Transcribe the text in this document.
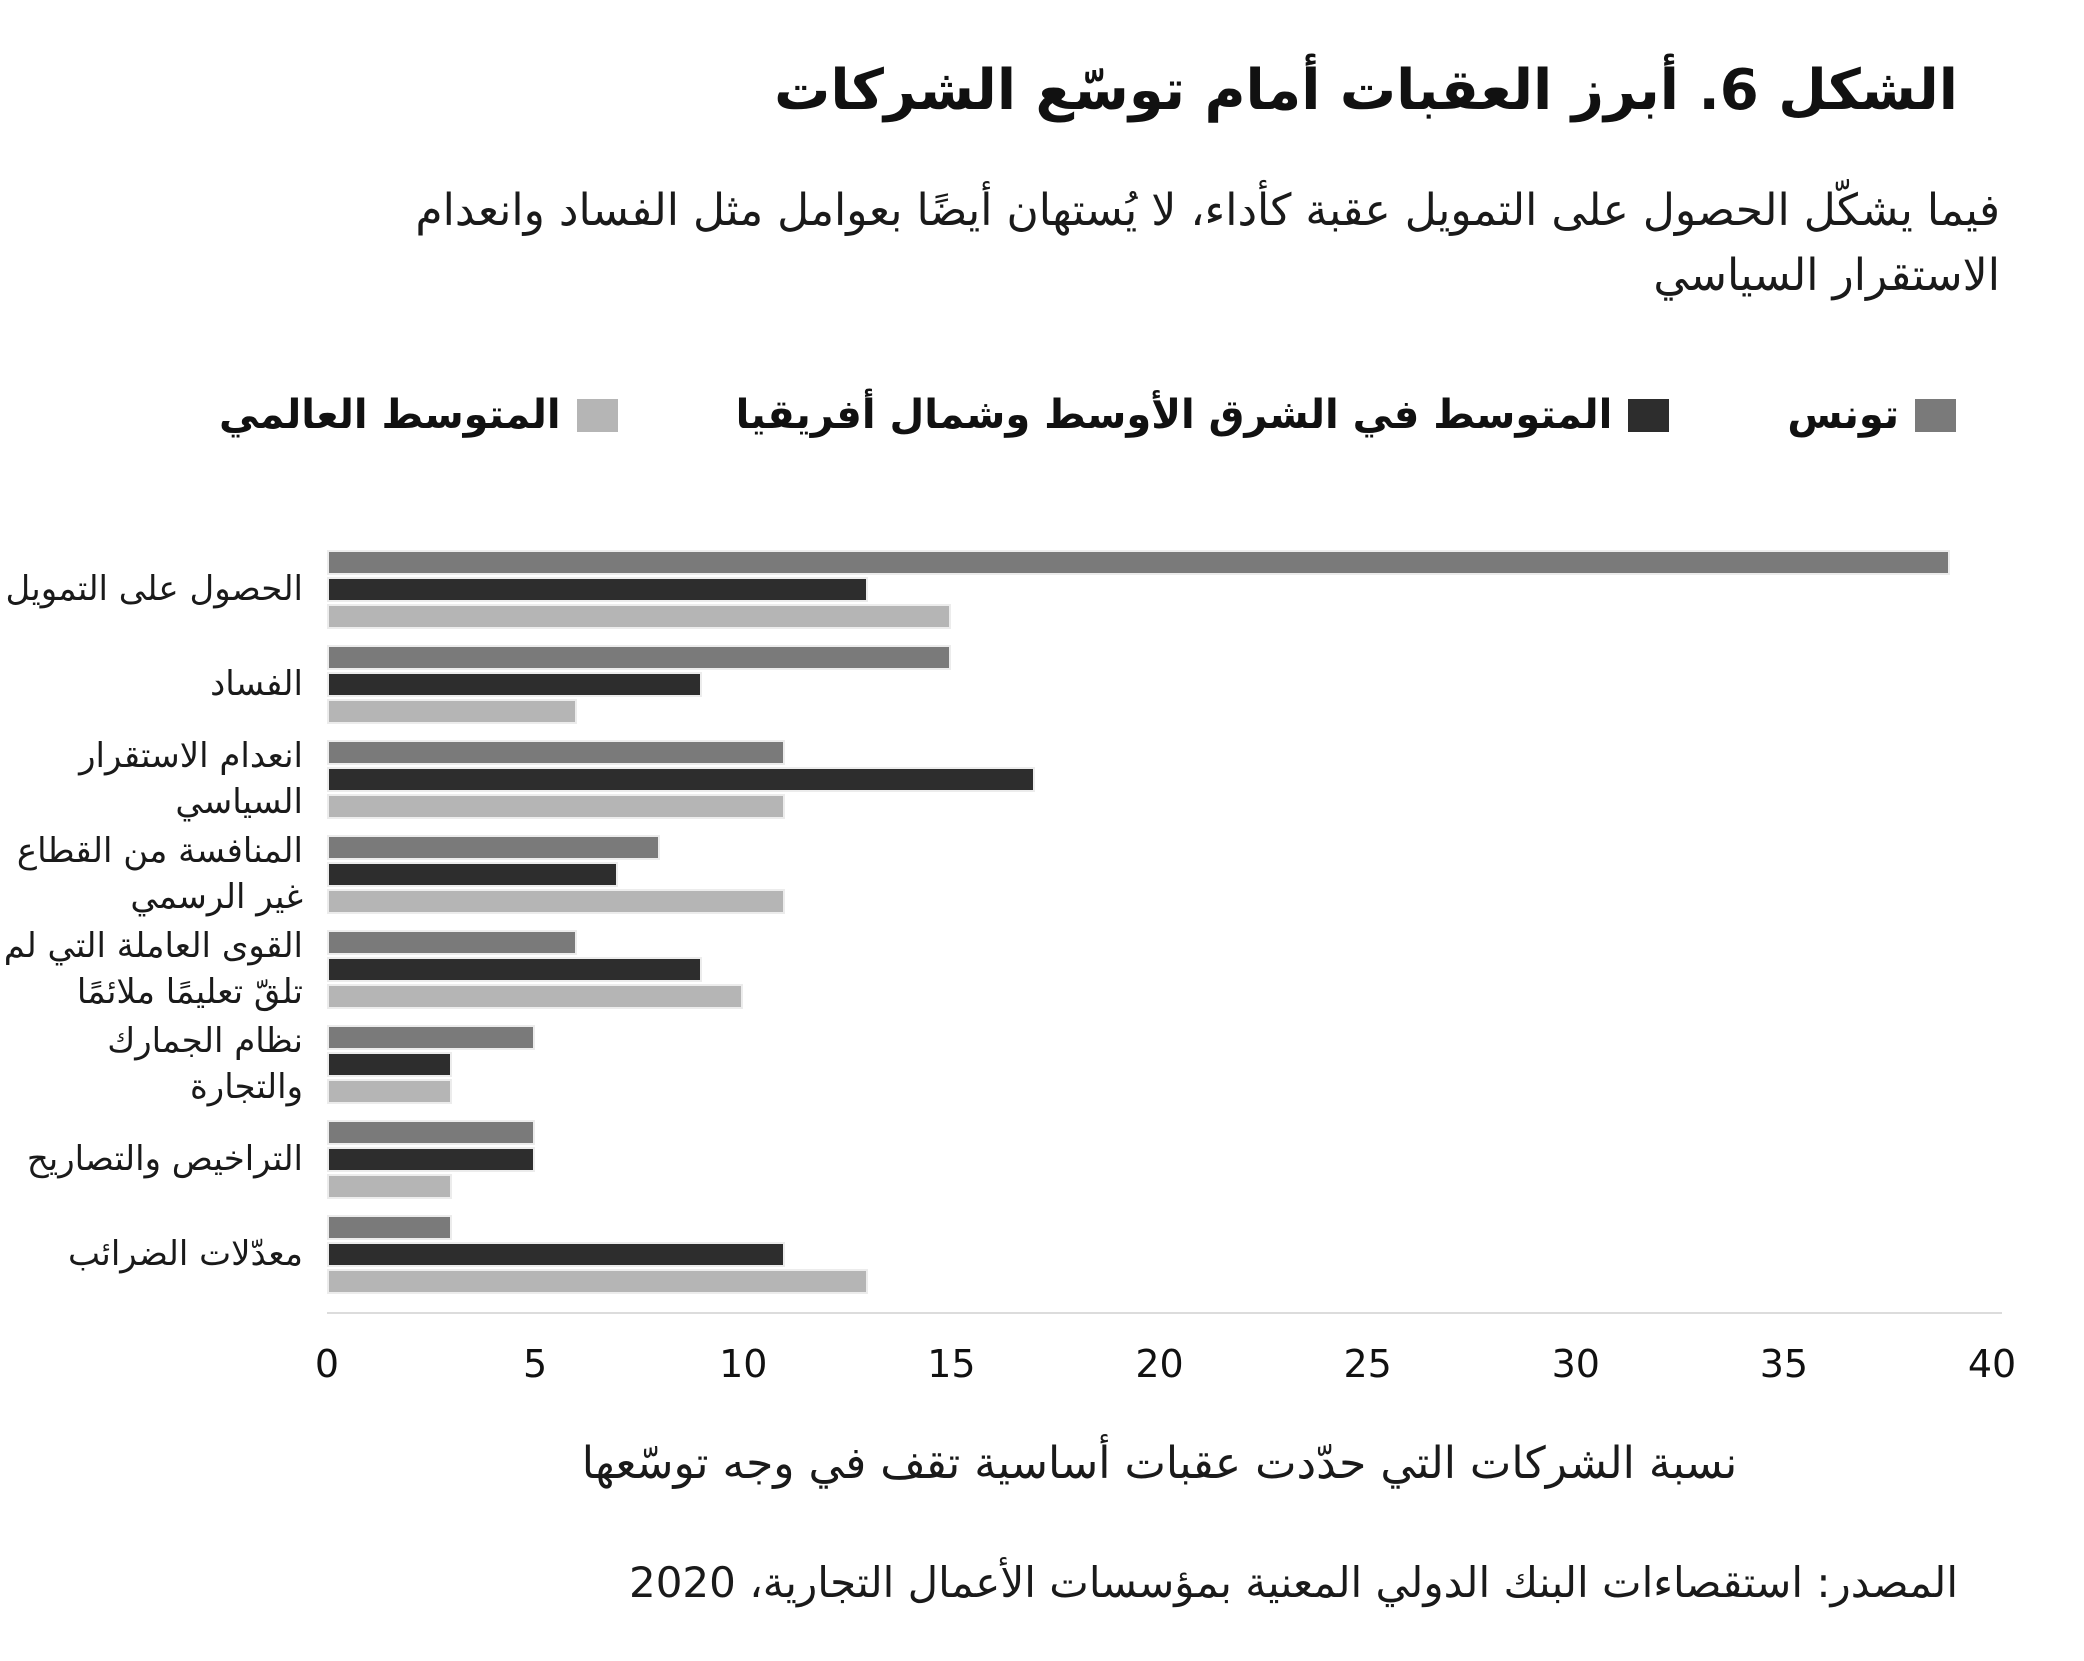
الشكل 6. أبرز العقبات أمام توسّع الشركات

فيما يشكّل الحصول على التمويل عقبة كأداء، لا يُستهان أيضًا بعوامل مثل الفساد وانعدام الاستقرار السياسي

تونس
المتوسط في الشرق الأوسط وشمال أفريقيا
المتوسط العالمي
الحصول على التمويل
الفساد
انعدام الاستقرار السياسي
المنافسة من القطاع غير الرسمي
القوى العاملة التي لم تلقّ تعليمًا ملائمًا
نظام الجمارك والتجارة
التراخيص والتصاريح
معدّلات الضرائب
0	5	10	15	20	25	30	35	40
نسبة الشركات التي حدّدت عقبات أساسية تقف في وجه توسّعها
المصدر: استقصاءات البنك الدولي المعنية بمؤسسات الأعمال التجارية، 2020
